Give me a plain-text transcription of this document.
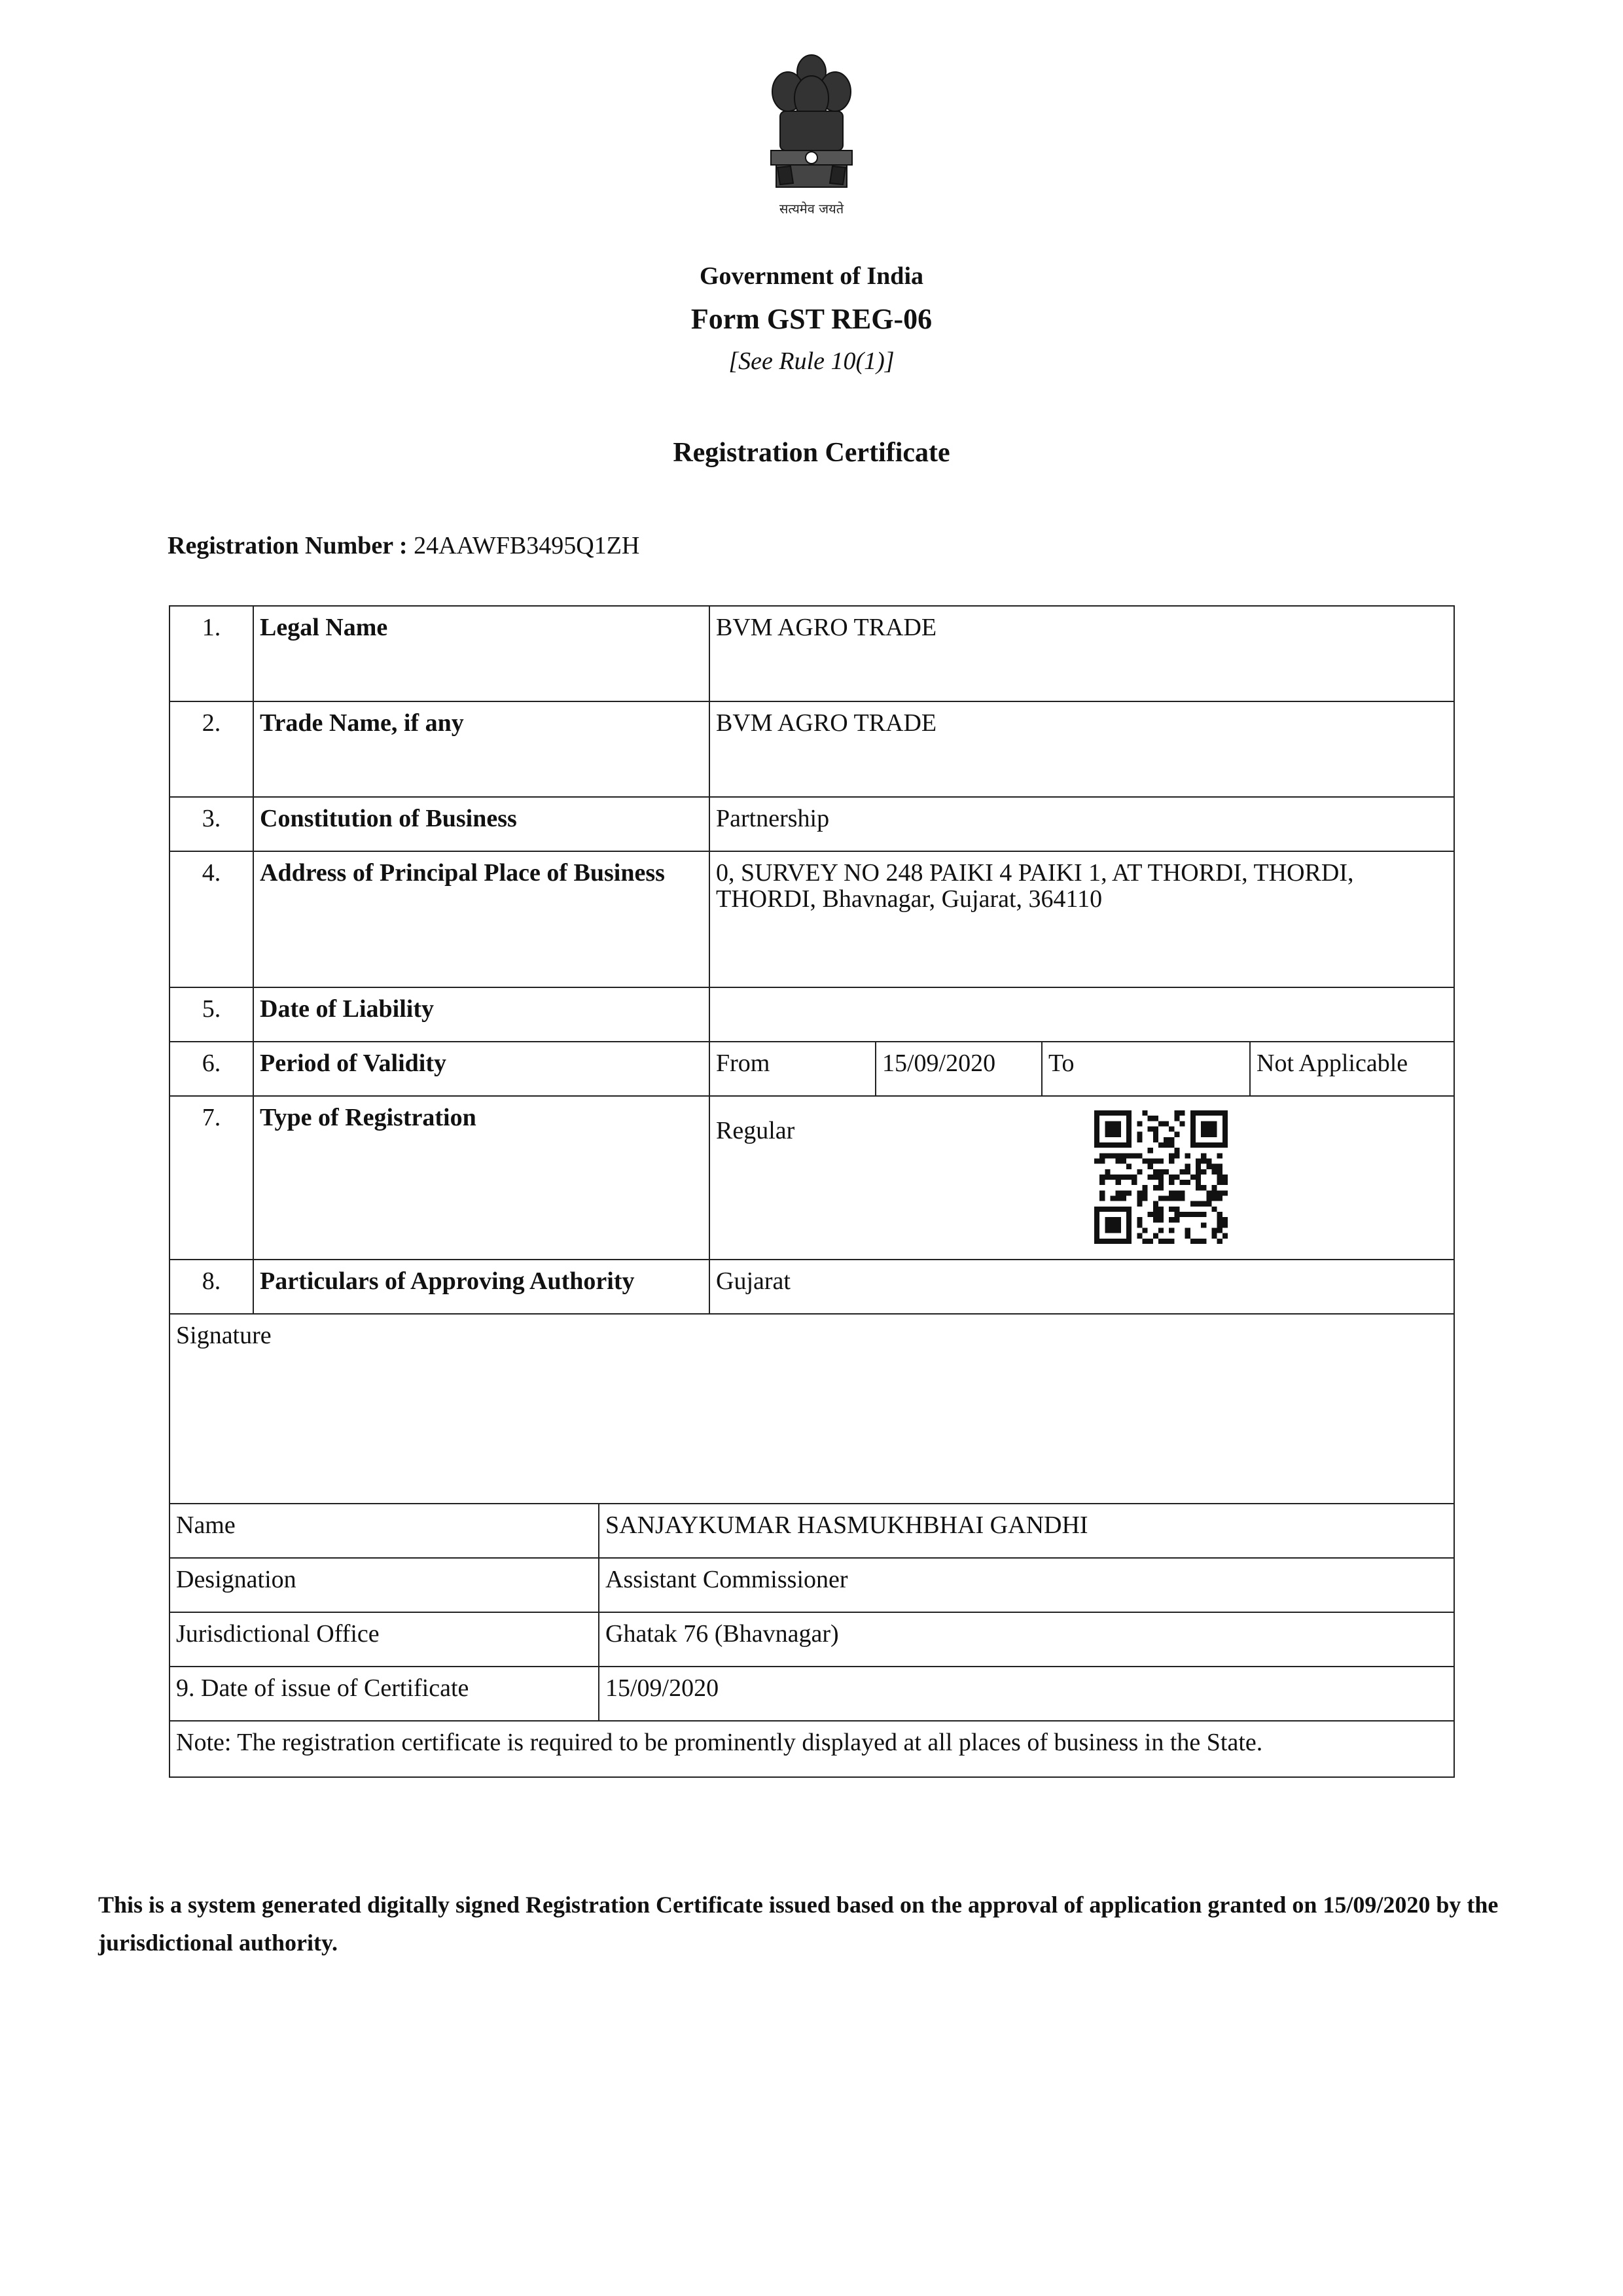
सत्यमेव जयते
Government of India
Form GST REG-06
[See Rule 10(1)]
Registration Certificate
Registration Number : 24AAWFB3495Q1ZH
1.	Legal Name	BVM AGRO TRADE
2.	Trade Name, if any	BVM AGRO TRADE
3.	Constitution of Business	Partnership
4.	Address of Principal Place of Business	0, SURVEY NO 248 PAIKI 4 PAIKI 1, AT THORDI, THORDI, THORDI, Bhavnagar, Gujarat, 364110
5.	Date of Liability
6.	Period of Validity	From	15/09/2020	To	Not Applicable
7.	Type of Registration	Regular
8.	Particulars of Approving Authority	Gujarat
Signature
Name	SANJAYKUMAR HASMUKHBHAI GANDHI
Designation	Assistant Commissioner
Jurisdictional Office	Ghatak 76 (Bhavnagar)
9. Date of issue of Certificate	15/09/2020
Note: The registration certificate is required to be prominently displayed at all places of business in the State.
This is a system generated digitally signed Registration Certificate issued based on the approval of application granted on 15/09/2020 by the jurisdictional authority.
